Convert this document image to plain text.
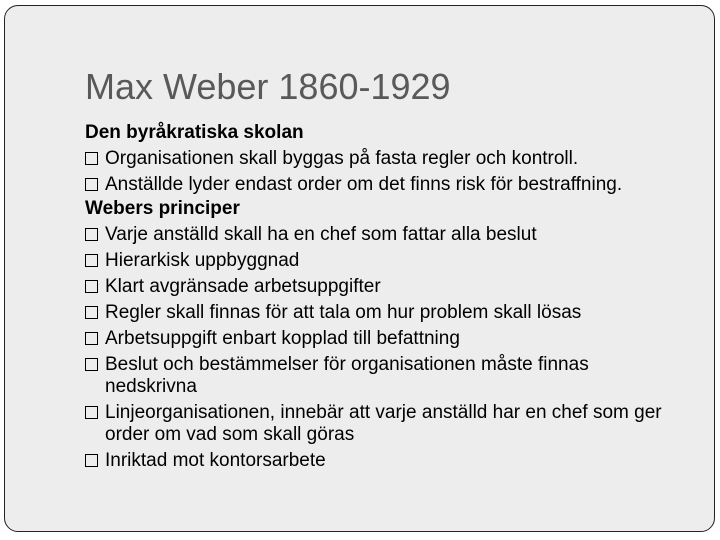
Max Weber 1860-1929
Den byråkratiska skolan
Organisationen skall byggas på fasta regler och kontroll.
Anställde lyder endast order om det finns risk för bestraffning.
Webers principer
Varje anställd skall ha en chef som fattar alla beslut
Hierarkisk uppbyggnad
Klart avgränsade arbetsuppgifter
Regler skall finnas för att tala om hur problem skall lösas
Arbetsuppgift enbart kopplad till befattning
Beslut och bestämmelser för organisationen måste finnas nedskrivna
Linjeorganisationen, innebär att varje anställd har en chef som ger order om vad som skall göras
Inriktad mot kontorsarbete
